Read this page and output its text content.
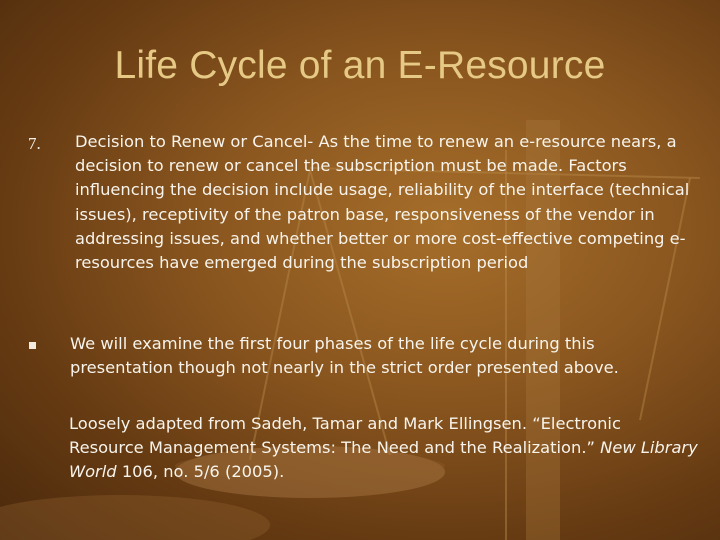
Life Cycle of an E-Resource
7. Decision to Renew or Cancel- As the time to renew an e-resource nears, a decision to renew or cancel the subscription must be made. Factors influencing the decision include usage, reliability of the interface (technical issues), receptivity of the patron base, responsiveness of the vendor in addressing issues, and whether better or more cost-effective competing e-resources have emerged during the subscription period
We will examine the first four phases of the life cycle during this presentation though not nearly in the strict order presented above.
Loosely adapted from Sadeh, Tamar and Mark Ellingsen. “Electronic Resource Management Systems: The Need and the Realization.” New Library World 106, no. 5/6 (2005).
